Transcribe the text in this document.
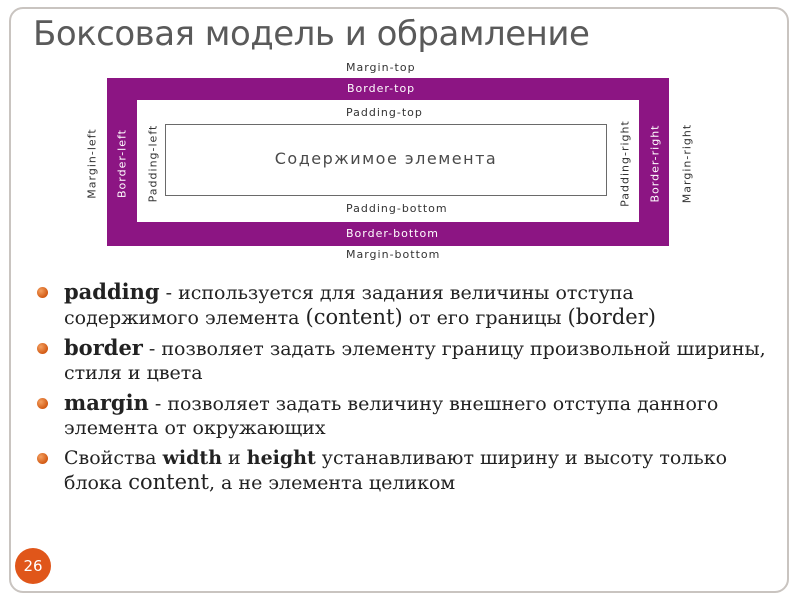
Боксовая модель и обрамление
Margin-top
Border-top
Padding-top
Содержимое элемента
Padding-bottom
Border-bottom
Margin-bottom
Margin-left Border-left Padding-left	Padding-right Border-right Margin-right
padding - используется для задания величины отступа содержимого элемента (content) от его границы (border)
border - позволяет задать элементу границу произвольной ширины, стиля и цвета
margin - позволяет задать величину внешнего отступа данного элемента от окружающих
Свойства width и height устанавливают ширину и высоту только блока content, а не элемента целиком
26
